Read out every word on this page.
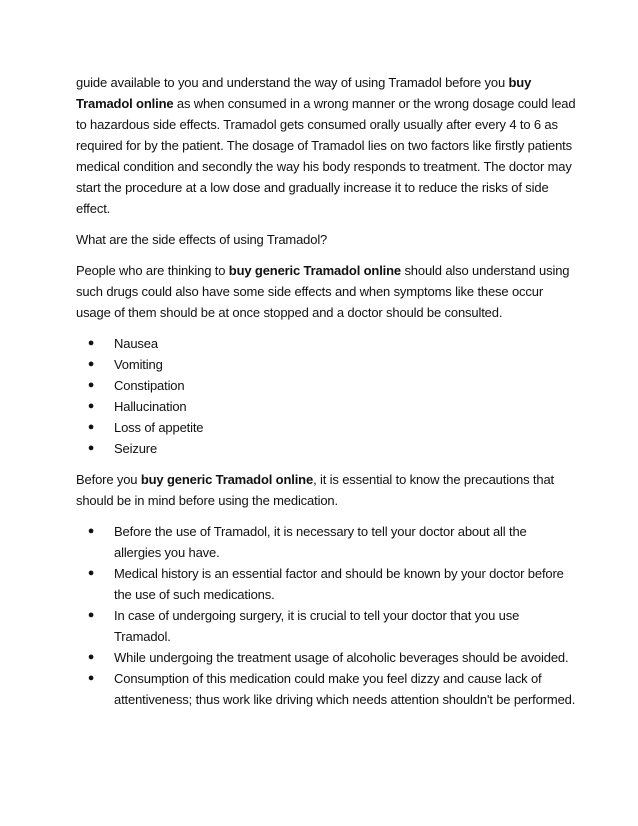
guide available to you and understand the way of using Tramadol before you buy Tramadol online as when consumed in a wrong manner or the wrong dosage could lead to hazardous side effects. Tramadol gets consumed orally usually after every 4 to 6 as required for by the patient. The dosage of Tramadol lies on two factors like firstly patients medical condition and secondly the way his body responds to treatment. The doctor may start the procedure at a low dose and gradually increase it to reduce the risks of side effect.

What are the side effects of using Tramadol?

People who are thinking to buy generic Tramadol online should also understand using such drugs could also have some side effects and when symptoms like these occur usage of them should be at once stopped and a doctor should be consulted.

● Nausea
● Vomiting
● Constipation
● Hallucination
● Loss of appetite
● Seizure

Before you buy generic Tramadol online, it is essential to know the precautions that should be in mind before using the medication.

● Before the use of Tramadol, it is necessary to tell your doctor about all the allergies you have.
● Medical history is an essential factor and should be known by your doctor before the use of such medications.
● In case of undergoing surgery, it is crucial to tell your doctor that you use Tramadol.
● While undergoing the treatment usage of alcoholic beverages should be avoided.
● Consumption of this medication could make you feel dizzy and cause lack of attentiveness; thus work like driving which needs attention shouldn't be performed.
